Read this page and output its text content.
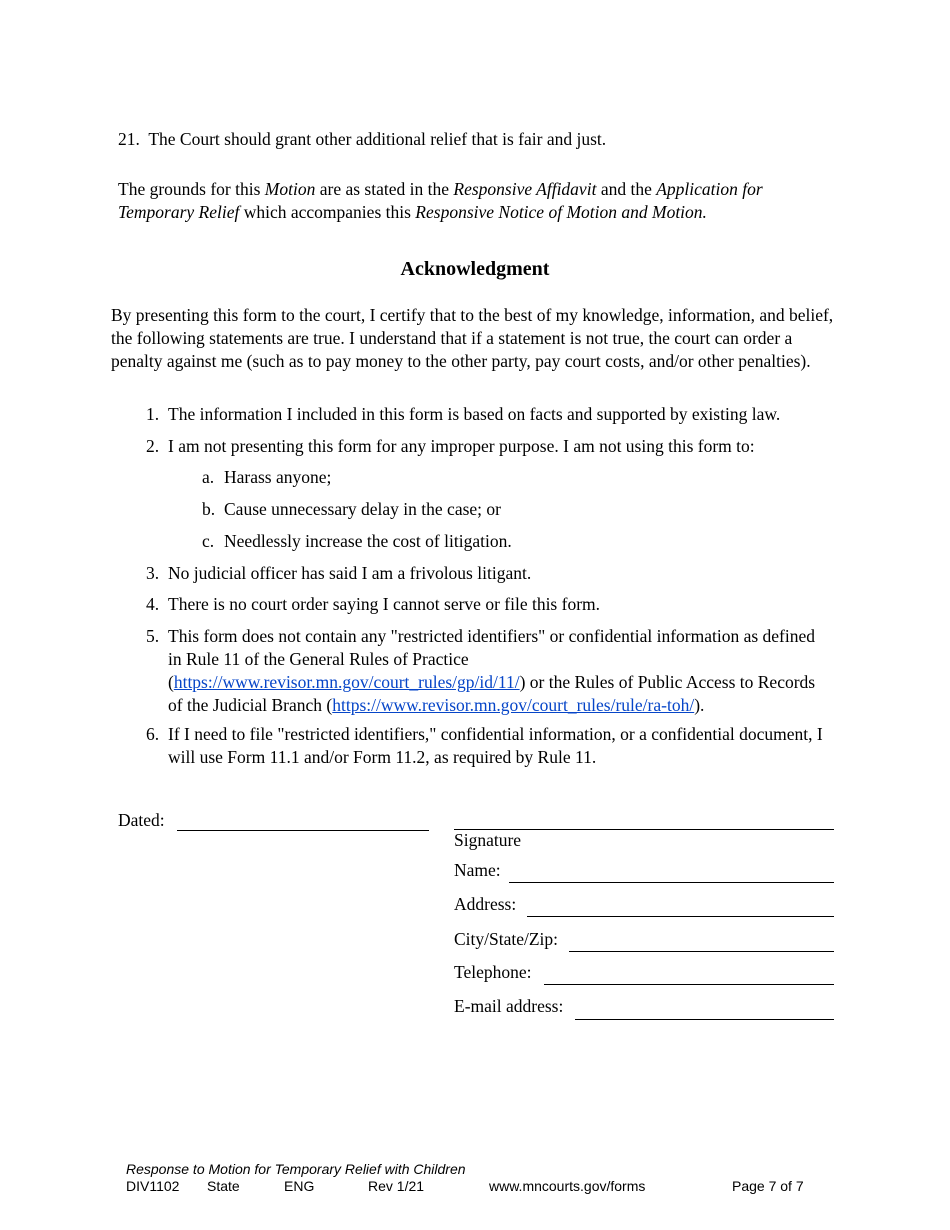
21. The Court should grant other additional relief that is fair and just.
The grounds for this Motion are as stated in the Responsive Affidavit and the Application for Temporary Relief which accompanies this Responsive Notice of Motion and Motion.
Acknowledgment
By presenting this form to the court, I certify that to the best of my knowledge, information, and belief, the following statements are true. I understand that if a statement is not true, the court can order a penalty against me (such as to pay money to the other party, pay court costs, and/or other penalties).
1. The information I included in this form is based on facts and supported by existing law.
2. I am not presenting this form for any improper purpose. I am not using this form to:
a. Harass anyone;
b. Cause unnecessary delay in the case; or
c. Needlessly increase the cost of litigation.
3. No judicial officer has said I am a frivolous litigant.
4. There is no court order saying I cannot serve or file this form.
5. This form does not contain any "restricted identifiers" or confidential information as defined in Rule 11 of the General Rules of Practice (https://www.revisor.mn.gov/court_rules/gp/id/11/) or the Rules of Public Access to Records of the Judicial Branch (https://www.revisor.mn.gov/court_rules/rule/ra-toh/).
6. If I need to file "restricted identifiers," confidential information, or a confidential document, I will use Form 11.1 and/or Form 11.2, as required by Rule 11.
Dated:
Signature
Name:
Address:
City/State/Zip:
Telephone:
E-mail address:
Response to Motion for Temporary Relief with Children
DIV1102 State	ENG	Rev 1/21	www.mncourts.gov/forms	Page 7 of 7
